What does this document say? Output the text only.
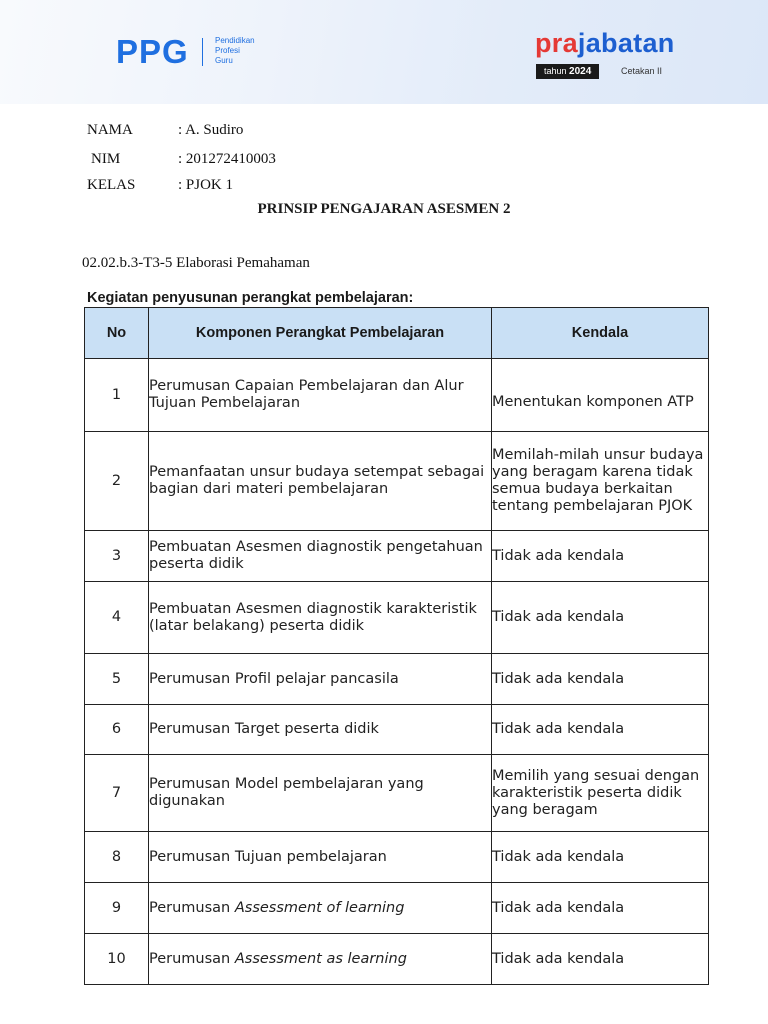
PPG	Pendidikan
Profesi
Guru
prajabatan
tahun 2024	Cetakan II
NAMA	: A. Sudiro
NIM	: 201272410003
KELAS	: PJOK 1
PRINSIP PENGAJARAN ASESMEN 2
02.02.b.3-T3-5 Elaborasi Pemahaman
Kegiatan penyusunan perangkat pembelajaran:
No	Komponen Perangkat Pembelajaran	Kendala
1	Perumusan Capaian Pembelajaran dan Alur Tujuan Pembelajaran	Menentukan komponen ATP
2	Pemanfaatan unsur budaya setempat sebagai bagian dari materi pembelajaran	Memilah-milah unsur budaya yang beragam karena tidak semua budaya berkaitan tentang pembelajaran PJOK
3	Pembuatan Asesmen diagnostik pengetahuan peserta didik	Tidak ada kendala
4	Pembuatan Asesmen diagnostik karakteristik (latar belakang) peserta didik	Tidak ada kendala
5	Perumusan Profil pelajar pancasila	Tidak ada kendala
6	Perumusan Target peserta didik	Tidak ada kendala
7	Perumusan Model pembelajaran yang digunakan	Memilih yang sesuai dengan karakteristik peserta didik yang beragam
8	Perumusan Tujuan pembelajaran	Tidak ada kendala
9	Perumusan Assessment of learning	Tidak ada kendala
10	Perumusan Assessment as learning	Tidak ada kendala
